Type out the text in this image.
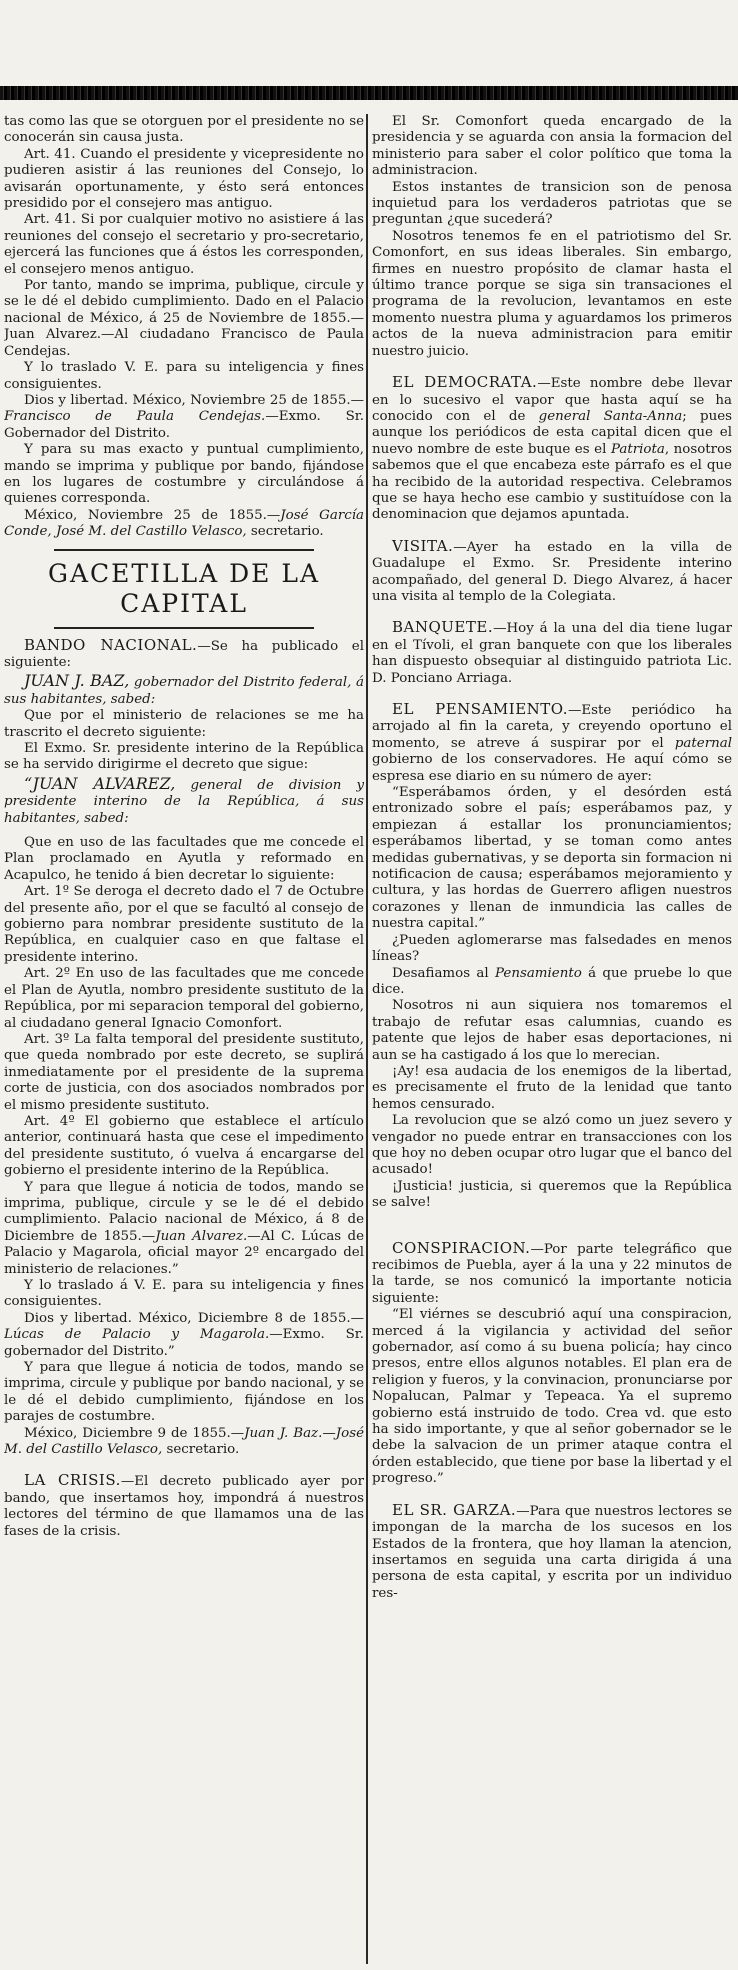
tas como las que se otorguen por el presidente no se conocerán sin causa justa.

Art. 41. Cuando el presidente y vicepresidente no pudieren asistir á las reuniones del Consejo, lo avisarán oportunamente, y ésto será entonces presidido por el consejero mas antiguo.

Art. 41. Si por cualquier motivo no asistiere á las reuniones del consejo el secretario y pro-secretario, ejercerá las funciones que á éstos les corresponden, el consejero menos antiguo.

Por tanto, mando se imprima, publique, circule y se le dé el debido cumplimiento. Dado en el Palacio nacional de México, á 25 de Noviembre de 1855.—Juan Alvarez.—Al ciudadano Francisco de Paula Cendejas.

Y lo traslado V. E. para su inteligencia y fines consiguientes.

Dios y libertad. México, Noviembre 25 de 1855.—Francisco de Paula Cendejas.—Exmo. Sr. Gobernador del Distrito.

Y para su mas exacto y puntual cumplimiento, mando se imprima y publique por bando, fijándose en los lugares de costumbre y circulándose á quienes corresponda.

México, Noviembre 25 de 1855.—José García Conde, José M. del Castillo Velasco, secretario.

GACETILLA DE LA CAPITAL

BANDO NACIONAL.—Se ha publicado el siguiente:

JUAN J. BAZ, gobernador del Distrito federal, á sus habitantes, sabed:

Que por el ministerio de relaciones se me ha trascrito el decreto siguiente:

El Exmo. Sr. presidente interino de la República se ha servido dirigirme el decreto que sigue:

“JUAN ALVAREZ, general de division y presidente interino de la República, á sus habitantes, sabed:

Que en uso de las facultades que me concede el Plan proclamado en Ayutla y reformado en Acapulco, he tenido á bien decretar lo siguiente:

Art. 1º Se deroga el decreto dado el 7 de Octubre del presente año, por el que se facultó al consejo de gobierno para nombrar presidente sustituto de la República, en cualquier caso en que faltase el presidente interino.

Art. 2º En uso de las facultades que me concede el Plan de Ayutla, nombro presidente sustituto de la República, por mi separacion temporal del gobierno, al ciudadano general Ignacio Comonfort.

Art. 3º La falta temporal del presidente sustituto, que queda nombrado por este decreto, se suplirá inmediatamente por el presidente de la suprema corte de justicia, con dos asociados nombrados por el mismo presidente sustituto.

Art. 4º El gobierno que establece el artículo anterior, continuará hasta que cese el impedimento del presidente sustituto, ó vuelva á encargarse del gobierno el presidente interino de la República.

Y para que llegue á noticia de todos, mando se imprima, publique, circule y se le dé el debido cumplimiento. Palacio nacional de México, á 8 de Diciembre de 1855.—Juan Alvarez.—Al C. Lúcas de Palacio y Magarola, oficial mayor 2º encargado del ministerio de relaciones.”

Y lo traslado á V. E. para su inteligencia y fines consiguientes.

Dios y libertad. México, Diciembre 8 de 1855.—Lúcas de Palacio y Magarola.—Exmo. Sr. gobernador del Distrito.”

Y para que llegue á noticia de todos, mando se imprima, circule y publique por bando nacional, y se le dé el debido cumplimiento, fijándose en los parajes de costumbre.

México, Diciembre 9 de 1855.—Juan J. Baz.—José M. del Castillo Velasco, secretario.

LA CRISIS.—El decreto publicado ayer por bando, que insertamos hoy, impondrá á nuestros lectores del término de que llamamos una de las fases de la crisis.

El Sr. Comonfort queda encargado de la presidencia y se aguarda con ansia la formacion del ministerio para saber el color político que toma la administracion.

Estos instantes de transicion son de penosa inquietud para los verdaderos patriotas que se preguntan ¿que sucederá?

Nosotros tenemos fe en el patriotismo del Sr. Comonfort, en sus ideas liberales. Sin embargo, firmes en nuestro propósito de clamar hasta el último trance porque se siga sin transaciones el programa de la revolucion, levantamos en este momento nuestra pluma y aguardamos los primeros actos de la nueva administracion para emitir nuestro juicio.

EL DEMOCRATA.—Este nombre debe llevar en lo sucesivo el vapor que hasta aquí se ha conocido con el de general Santa-Anna; pues aunque los periódicos de esta capital dicen que el nuevo nombre de este buque es el Patriota, nosotros sabemos que el que encabeza este párrafo es el que ha recibido de la autoridad respectiva. Celebramos que se haya hecho ese cambio y sustituídose con la denominacion que dejamos apuntada.

VISITA.—Ayer ha estado en la villa de Guadalupe el Exmo. Sr. Presidente interino acompañado, del general D. Diego Alvarez, á hacer una visita al templo de la Colegiata.

BANQUETE.—Hoy á la una del dia tiene lugar en el Tívoli, el gran banquete con que los liberales han dispuesto obsequiar al distinguido patriota Lic. D. Ponciano Arriaga.

EL PENSAMIENTO.—Este periódico ha arrojado al fin la careta, y creyendo oportuno el momento, se atreve á suspirar por el paternal gobierno de los conservadores. He aquí cómo se espresa ese diario en su número de ayer:

“Esperábamos órden, y el desórden está entronizado sobre el país; esperábamos paz, y empiezan á estallar los pronunciamientos; esperábamos libertad, y se toman como antes medidas gubernativas, y se deporta sin formacion ni notificacion de causa; esperábamos mejoramiento y cultura, y las hordas de Guerrero afligen nuestros corazones y llenan de inmundicia las calles de nuestra capital.”

¿Pueden aglomerarse mas falsedades en menos líneas?

Desafiamos al Pensamiento á que pruebe lo que dice.

Nosotros ni aun siquiera nos tomaremos el trabajo de refutar esas calumnias, cuando es patente que lejos de haber esas deportaciones, ni aun se ha castigado á los que lo merecian.

¡Ay! esa audacia de los enemigos de la libertad, es precisamente el fruto de la lenidad que tanto hemos censurado.

La revolucion que se alzó como un juez severo y vengador no puede entrar en transacciones con los que hoy no deben ocupar otro lugar que el banco del acusado!

¡Justicia! justicia, si queremos que la República se salve!

CONSPIRACION.—Por parte telegráfico que recibimos de Puebla, ayer á la una y 22 minutos de la tarde, se nos comunicó la importante noticia siguiente:

“El viérnes se descubrió aquí una conspiracion, merced á la vigilancia y actividad del señor gobernador, así como á su buena policía; hay cinco presos, entre ellos algunos notables. El plan era de religion y fueros, y la convinacion, pronunciarse por Nopalucan, Palmar y Tepeaca. Ya el supremo gobierno está instruido de todo. Crea vd. que esto ha sido importante, y que al señor gobernador se le debe la salvacion de un primer ataque contra el órden establecido, que tiene por base la libertad y el progreso.”

EL SR. GARZA.—Para que nuestros lectores se impongan de la marcha de los sucesos en los Estados de la frontera, que hoy llaman la atencion, insertamos en seguida una carta dirigida á una persona de esta capital, y escrita por un individuo res-
